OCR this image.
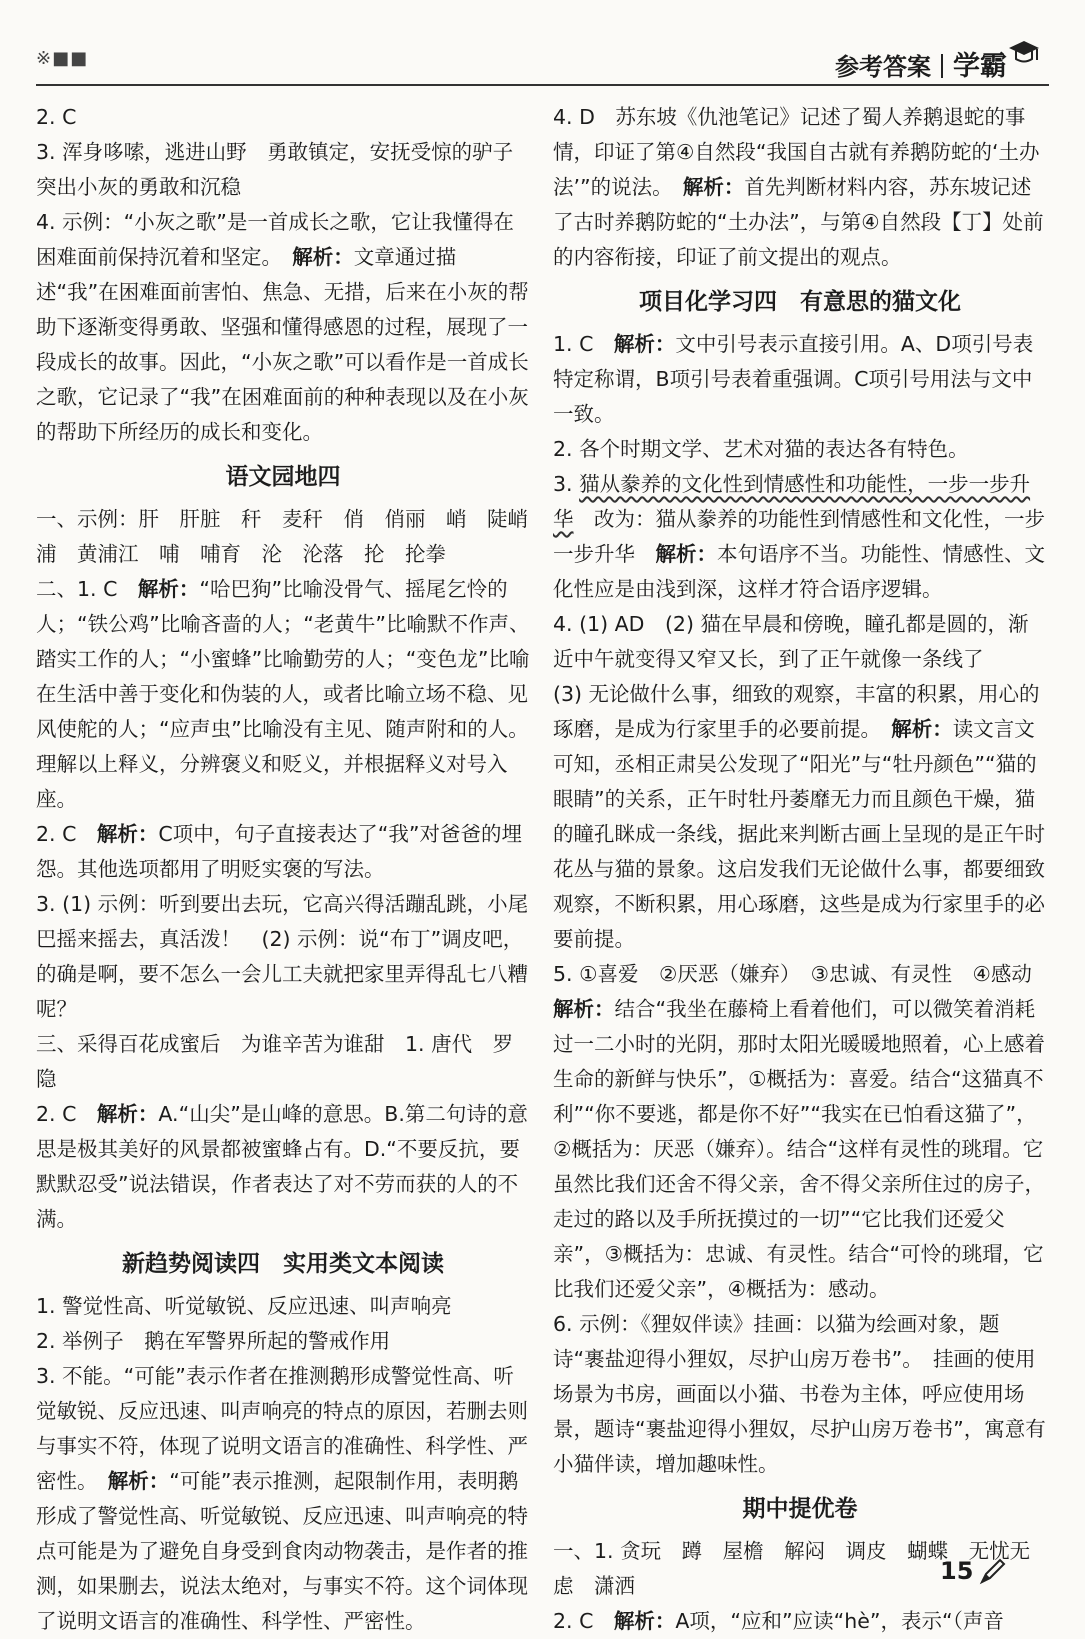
※■■	参考答案 学霸

2. C

3. 浑身哆嗦，逃进山野　勇敢镇定，安抚受惊的驴子　突出小灰的勇敢和沉稳

4. 示例：“小灰之歌”是一首成长之歌，它让我懂得在困难面前保持沉着和坚定。　解析：文章通过描述“我”在困难面前害怕、焦急、无措，后来在小灰的帮助下逐渐变得勇敢、坚强和懂得感恩的过程，展现了一段成长的故事。因此，“小灰之歌”可以看作是一首成长之歌，它记录了“我”在困难面前的种种表现以及在小灰的帮助下所经历的成长和变化。

语文园地四

一、示例：肝　肝脏　秆　麦秆　俏　俏丽　峭　陡峭　浦　黄浦江　哺　哺育　沦　沦落　抡　抡拳

二、1. C　解析：“哈巴狗”比喻没骨气、摇尾乞怜的人；“铁公鸡”比喻吝啬的人；“老黄牛”比喻默不作声、踏实工作的人；“小蜜蜂”比喻勤劳的人；“变色龙”比喻在生活中善于变化和伪装的人，或者比喻立场不稳、见风使舵的人；“应声虫”比喻没有主见、随声附和的人。理解以上释义，分辨褒义和贬义，并根据释义对号入座。

2. C　解析：C项中，句子直接表达了“我”对爸爸的埋怨。其他选项都用了明贬实褒的写法。

3. (1) 示例：听到要出去玩，它高兴得活蹦乱跳，小尾巴摇来摇去，真活泼！　(2) 示例：说“布丁”调皮吧，的确是啊，要不怎么一会儿工夫就把家里弄得乱七八糟呢？

三、采得百花成蜜后　为谁辛苦为谁甜　1. 唐代　罗隐

2. C　解析：A.“山尖”是山峰的意思。B.第二句诗的意思是极其美好的风景都被蜜蜂占有。D.“不要反抗，要默默忍受”说法错误，作者表达了对不劳而获的人的不满。

新趋势阅读四　实用类文本阅读

1. 警觉性高、听觉敏锐、反应迅速、叫声响亮

2. 举例子　鹅在军警界所起的警戒作用

3. 不能。“可能”表示作者在推测鹅形成警觉性高、听觉敏锐、反应迅速、叫声响亮的特点的原因，若删去则与事实不符，体现了说明文语言的准确性、科学性、严密性。　解析：“可能”表示推测，起限制作用，表明鹅形成了警觉性高、听觉敏锐、反应迅速、叫声响亮的特点可能是为了避免自身受到食肉动物袭击，是作者的推测，如果删去，说法太绝对，与事实不符。这个词体现了说明文语言的准确性、科学性、严密性。

4. D　苏东坡《仇池笔记》记述了蜀人养鹅退蛇的事情，印证了第④自然段“我国自古就有养鹅防蛇的‘土办法’”的说法。　解析：首先判断材料内容，苏东坡记述了古时养鹅防蛇的“土办法”，与第④自然段【丁】处前的内容衔接，印证了前文提出的观点。

项目化学习四　有意思的猫文化

1. C　解析：文中引号表示直接引用。A、D项引号表特定称谓，B项引号表着重强调。C项引号用法与文中一致。

2. 各个时期文学、艺术对猫的表达各有特色。

3. 猫从豢养的文化性到情感性和功能性，一步一步升华　改为：猫从豢养的功能性到情感性和文化性，一步一步升华　解析：本句语序不当。功能性、情感性、文化性应是由浅到深，这样才符合语序逻辑。

4. (1) AD　(2) 猫在早晨和傍晚，瞳孔都是圆的，渐近中午就变得又窄又长，到了正午就像一条线了

(3) 无论做什么事，细致的观察，丰富的积累，用心的琢磨，是成为行家里手的必要前提。　解析：读文言文可知，丞相正肃吴公发现了“阳光”与“牡丹颜色”“猫的眼睛”的关系，正午时牡丹萎靡无力而且颜色干燥，猫的瞳孔眯成一条线，据此来判断古画上呈现的是正午时花丛与猫的景象。这启发我们无论做什么事，都要细致观察，不断积累，用心琢磨，这些是成为行家里手的必要前提。

5. ①喜爱　②厌恶（嫌弃）　③忠诚、有灵性　④感动　解析：结合“我坐在藤椅上看着他们，可以微笑着消耗过一二小时的光阴，那时太阳光暖暖地照着，心上感着生命的新鲜与快乐”，①概括为：喜爱。结合“这猫真不利”“你不要逃，都是你不好”“我实在已怕看这猫了”，②概括为：厌恶（嫌弃）。结合“这样有灵性的珧瑁。它虽然比我们还舍不得父亲，舍不得父亲所住过的房子，走过的路以及手所抚摸过的一切”“它比我们还爱父亲”，③概括为：忠诚、有灵性。结合“可怜的珧瑁，它比我们还爱父亲”，④概括为：感动。

6. 示例：《狸奴伴读》挂画：以猫为绘画对象，题诗“裹盐迎得小狸奴，尽护山房万卷书”。　挂画的使用场景为书房，画面以小猫、书卷为主体，呼应使用场景，题诗“裹盐迎得小狸奴，尽护山房万卷书”，寓意有小猫伴读，增加趣味性。

期中提优卷

一、1. 贪玩　蹲　屋檐　解闷　调皮　蝴蝶　无忧无虑　潇洒

2. C　解析：A项，“应和”应读“hè”，表示“（声音

15
